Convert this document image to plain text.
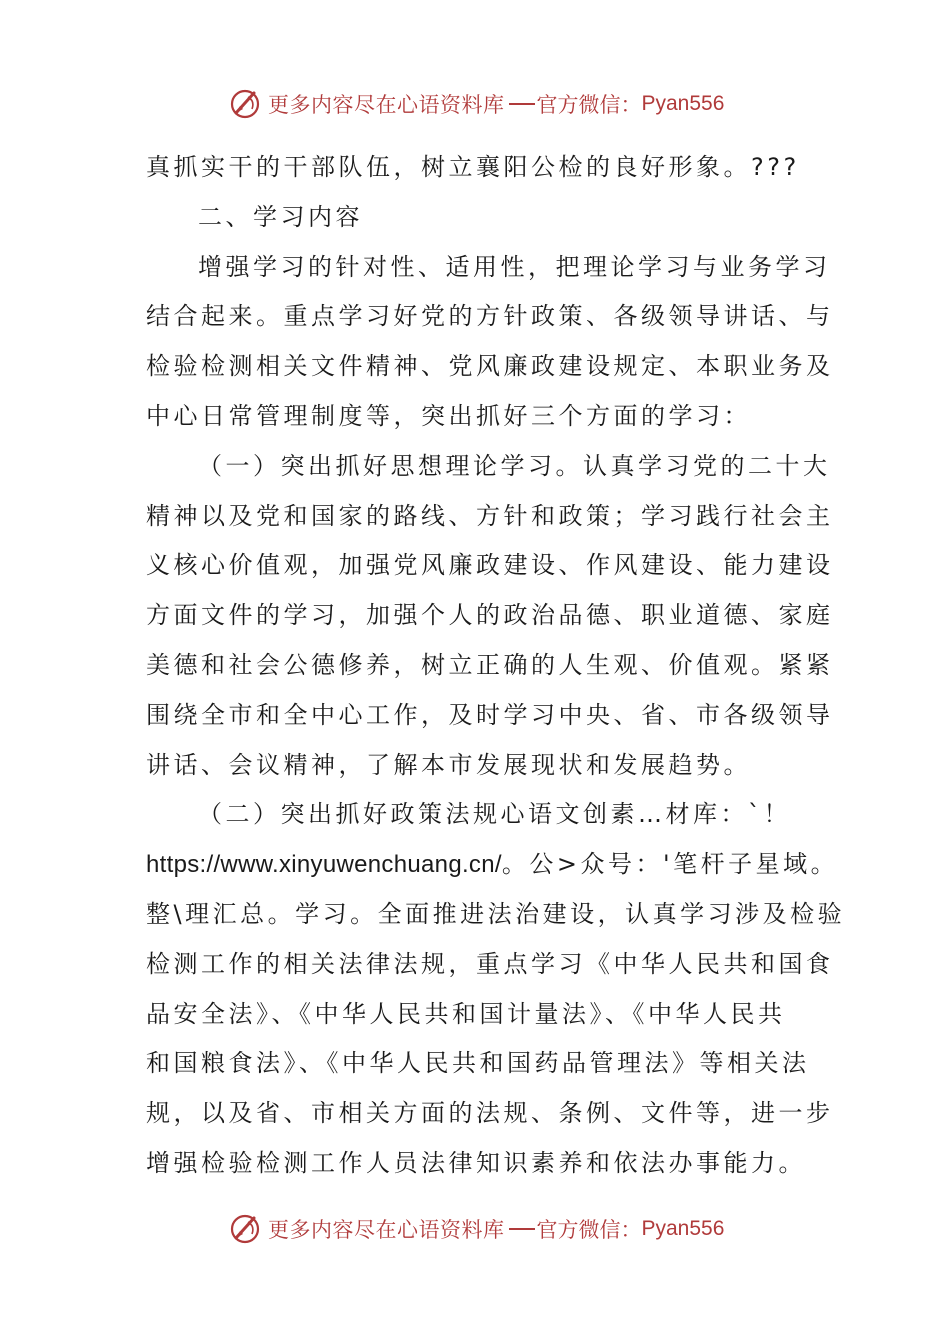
更多内容尽在心语资料库 官方微信： Pyan556
真抓实干的干部队伍，树立襄阳公检的良好形象。???
二、学习内容
增强学习的针对性、适用性，把理论学习与业务学习
结合起来。重点学习好党的方针政策、各级领导讲话、与
检验检测相关文件精神、党风廉政建设规定、本职业务及
中心日常管理制度等，突出抓好三个方面的学习：
（一）突出抓好思想理论学习。认真学习党的二十大
精神以及党和国家的路线、方针和政策；学习践行社会主
义核心价值观，加强党风廉政建设、作风建设、能力建设
方面文件的学习，加强个人的政治品德、职业道德、家庭
美德和社会公德修养，树立正确的人生观、价值观。紧紧
围绕全市和全中心工作，及时学习中央、省、市各级领导
讲话、会议精神，了解本市发展现状和发展趋势。
（二）突出抓好政策法规心语文创素…材库：`！
https://www.xinyuwenchuang.cn/。公>众号：'笔杆子星域。
整\理汇总。学习。全面推进法治建设，认真学习涉及检验
检测工作的相关法律法规，重点学习《中华人民共和国食
品安全法》、《中华人民共和国计量法》、《中华人民共
和国粮食法》、《中华人民共和国药品管理法》等相关法
规，以及省、市相关方面的法规、条例、文件等，进一步
增强检验检测工作人员法律知识素养和依法办事能力。
更多内容尽在心语资料库 官方微信： Pyan556
